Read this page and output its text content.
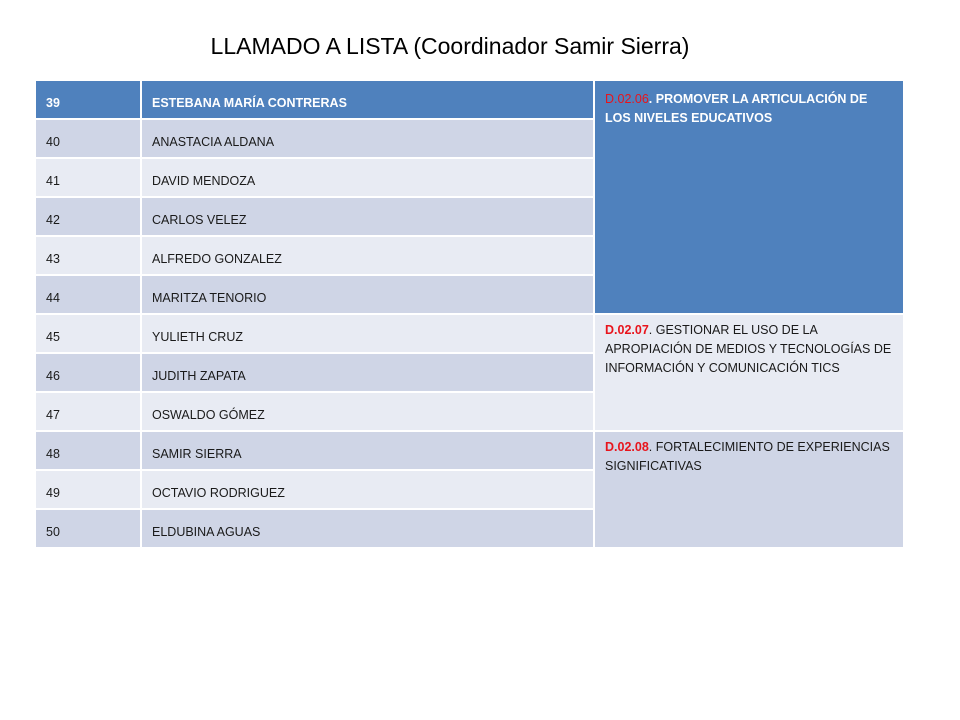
LLAMADO A LISTA (Coordinador Samir Sierra)
39	ESTEBANA MARÍA CONTRERAS	D.02.06. PROMOVER LA ARTICULACIÓN DE LOS NIVELES EDUCATIVOS
40	ANASTACIA ALDANA	
41	DAVID MENDOZA	
42	CARLOS VELEZ	
43	ALFREDO GONZALEZ	
44	MARITZA TENORIO	
45	YULIETH CRUZ	D.02.07. GESTIONAR EL USO DE LA APROPIACIÓN DE MEDIOS Y TECNOLOGÍAS DE INFORMACIÓN Y COMUNICACIÓN TICS
46	JUDITH ZAPATA	
47	OSWALDO GÓMEZ	
48	SAMIR SIERRA	D.02.08. FORTALECIMIENTO DE EXPERIENCIAS SIGNIFICATIVAS
49	OCTAVIO RODRIGUEZ	
50	ELDUBINA AGUAS	
